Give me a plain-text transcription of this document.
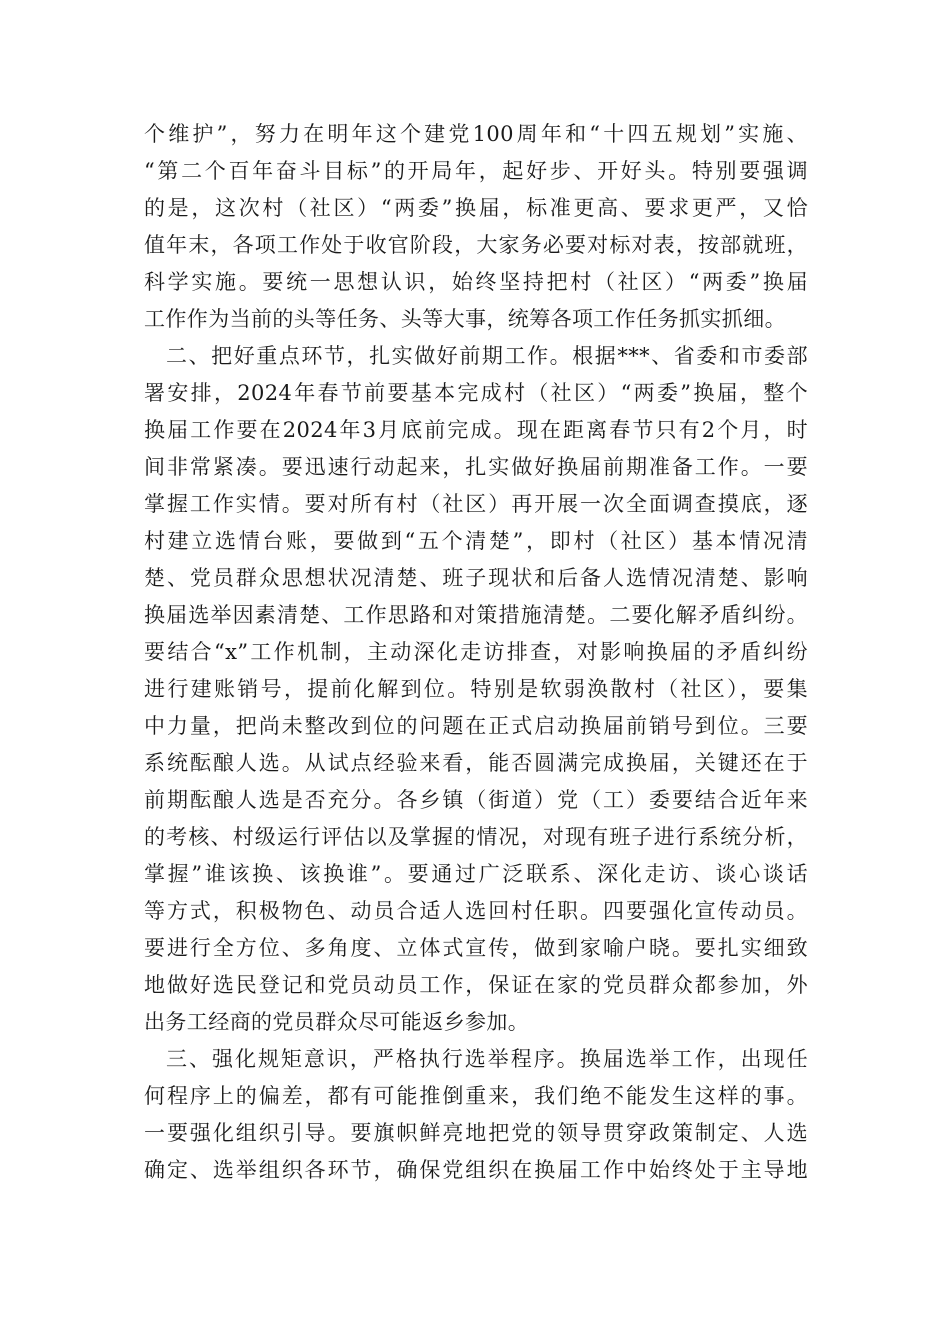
个维护”，努力在明年这个建党100周年和“十四五规划”实施、
“第二个百年奋斗目标”的开局年，起好步、开好头。特别要强调
的是，这次村（社区）“两委”换届，标准更高、要求更严，又恰
值年末，各项工作处于收官阶段，大家务必要对标对表，按部就班，
科学实施。要统一思想认识，始终坚持把村（社区）“两委”换届
工作作为当前的头等任务、头等大事，统筹各项工作任务抓实抓细。
二、把好重点环节，扎实做好前期工作。根据***、省委和市委部
署安排，2024年春节前要基本完成村（社区）“两委”换届，整个
换届工作要在2024年3月底前完成。现在距离春节只有2个月，时
间非常紧凑。要迅速行动起来，扎实做好换届前期准备工作。一要
掌握工作实情。要对所有村（社区）再开展一次全面调查摸底，逐
村建立选情台账，要做到“五个清楚”，即村（社区）基本情况清
楚、党员群众思想状况清楚、班子现状和后备人选情况清楚、影响
换届选举因素清楚、工作思路和对策措施清楚。二要化解矛盾纠纷。
要结合“x”工作机制，主动深化走访排查，对影响换届的矛盾纠纷
进行建账销号，提前化解到位。特别是软弱涣散村（社区），要集
中力量，把尚未整改到位的问题在正式启动换届前销号到位。三要
系统酝酿人选。从试点经验来看，能否圆满完成换届，关键还在于
前期酝酿人选是否充分。各乡镇（街道）党（工）委要结合近年来
的考核、村级运行评估以及掌握的情况，对现有班子进行系统分析，
掌握”谁该换、该换谁”。要通过广泛联系、深化走访、谈心谈话
等方式，积极物色、动员合适人选回村任职。四要强化宣传动员。
要进行全方位、多角度、立体式宣传，做到家喻户晓。要扎实细致
地做好选民登记和党员动员工作，保证在家的党员群众都参加，外
出务工经商的党员群众尽可能返乡参加。
三、强化规矩意识，严格执行选举程序。换届选举工作，出现任
何程序上的偏差，都有可能推倒重来，我们绝不能发生这样的事。
一要强化组织引导。要旗帜鲜亮地把党的领导贯穿政策制定、人选
确定、选举组织各环节，确保党组织在换届工作中始终处于主导地
